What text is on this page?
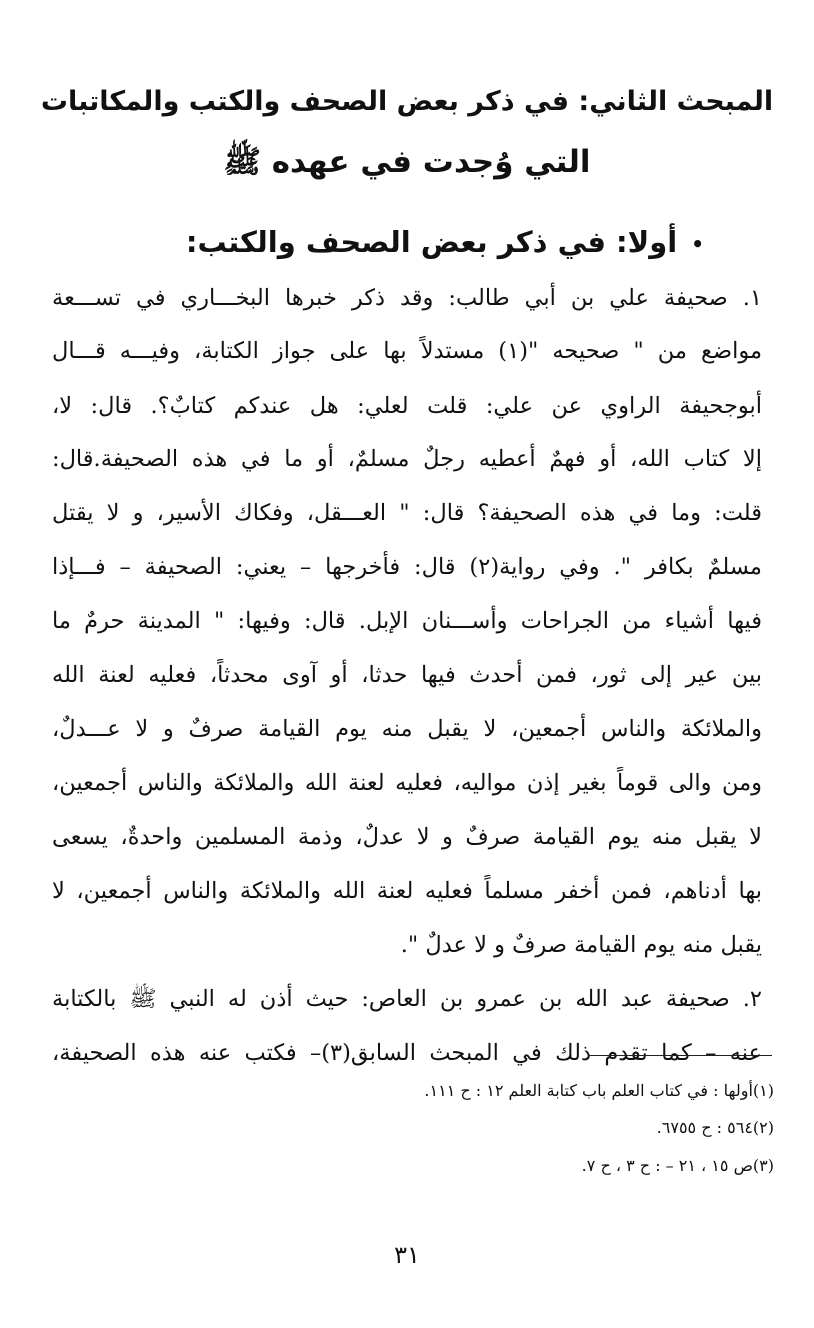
المبحث الثاني: في ذكر بعض الصحف والكتب والمكاتبات
التي وُجدت في عهده ﷺ
•أولا: في ذكر بعض الصحف والكتب:
١. صحيفة علي بن أبي طالب: وقد ذكر خبرها البخـــاري في تســـعة
مواضع من " صحيحه "(١) مستدلاً بها على جواز الكتابة، وفيـــه قـــال
أبوجحيفة الراوي عن علي: قلت لعلي: هل عندكم كتابٌ؟. قال: لا،
إلا كتاب الله، أو فهمٌ أعطيه رجلٌ مسلمٌ، أو ما في هذه الصحيفة.قال:
قلت: وما في هذه الصحيفة؟ قال: " العـــقل، وفكاك الأسير، و لا يقتل
مسلمٌ بكافر ". وفي رواية(٢) قال: فأخرجها – يعني: الصحيفة – فـــإذا
فيها أشياء من الجراحات وأســـنان الإبل. قال: وفيها: " المدينة حرمٌ ما
بين عير إلى ثور، فمن أحدث فيها حدثا، أو آوى محدثاً، فعليه لعنة الله
والملائكة والناس أجمعين، لا يقبل منه يوم القيامة صرفٌ و لا عـــدلٌ،
ومن والى قوماً بغير إذن مواليه، فعليه لعنة الله والملائكة والناس أجمعين،
لا يقبل منه يوم القيامة صرفٌ و لا عدلٌ، وذمة المسلمين واحدةٌ، يسعى
بها أدناهم، فمن أخفر مسلماً فعليه لعنة الله والملائكة والناس أجمعين، لا
يقبل منه يوم القيامة صرفٌ و لا عدلٌ ".
٢. صحيفة عبد الله بن عمرو بن العاص: حيث أذن له النبي ﷺ بالكتابة
عنه – كما تقدم ذلك في المبحث السابق(٣)– فكتب عنه هذه الصحيفة،
(١)أولها : في كتاب العلم باب كتابة العلم ١٢ : ح ١١١.
(٢)٥٦٤ : ح ٦٧٥٥.
(٣)ص ١٥ ، ٢١ – : ح ٣ ، ح ٧.
٣١
